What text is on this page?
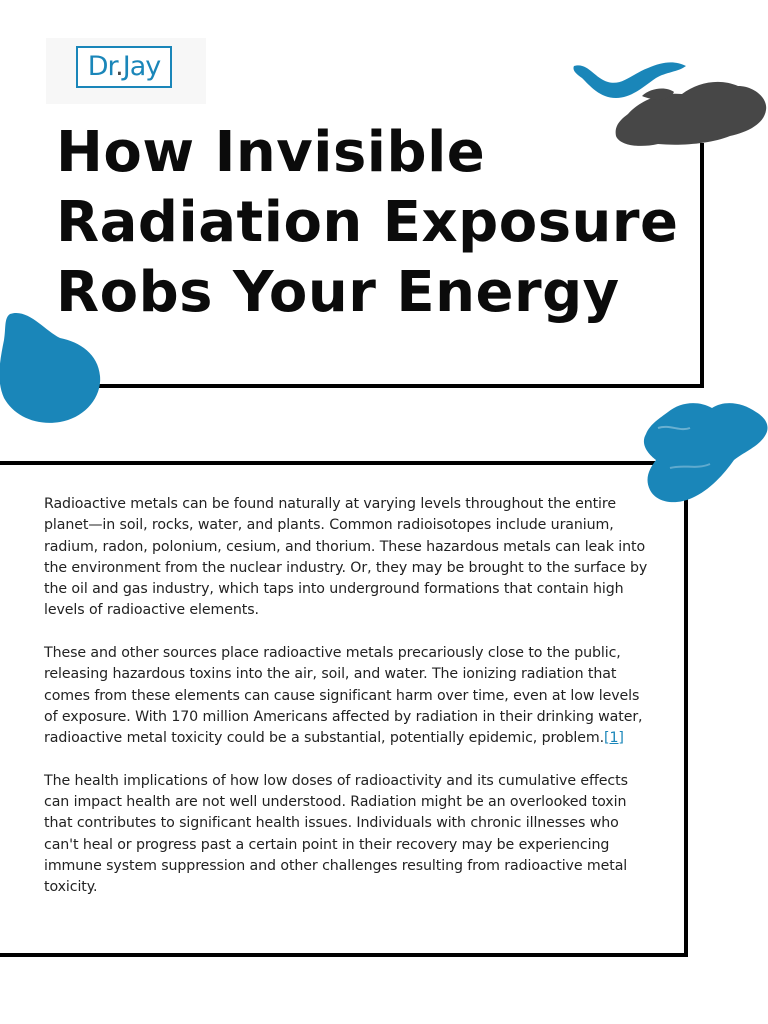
Dr.Jay
How Invisible
Radiation Exposure
Robs Your Energy

Radioactive metals can be found naturally at varying levels throughout the entire planet—in soil, rocks, water, and plants. Common radioisotopes include uranium, radium, radon, polonium, cesium, and thorium. These hazardous metals can leak into the environment from the nuclear industry. Or, they may be brought to the surface by the oil and gas industry, which taps into underground formations that contain high levels of radioactive elements.

These and other sources place radioactive metals precariously close to the public, releasing hazardous toxins into the air, soil, and water. The ionizing radiation that comes from these elements can cause significant harm over time, even at low levels of exposure. With 170 million Americans affected by radiation in their drinking water, radioactive metal toxicity could be a substantial, potentially epidemic, problem.[1]

The health implications of how low doses of radioactivity and its cumulative effects can impact health are not well understood. Radiation might be an overlooked toxin that contributes to significant health issues. Individuals with chronic illnesses who can't heal or progress past a certain point in their recovery may be experiencing immune system suppression and other challenges resulting from radioactive metal toxicity.
